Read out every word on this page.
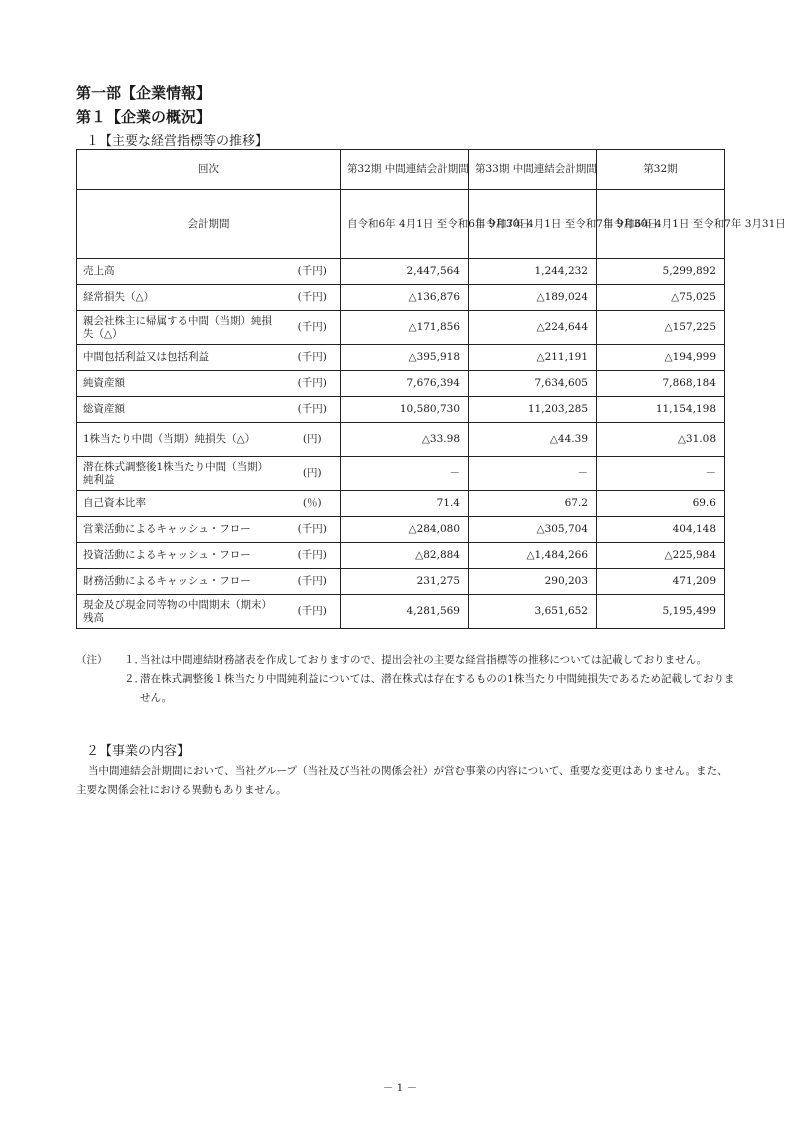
第一部【企業情報】
第１【企業の概況】
１【主要な経営指標等の推移】
回次		第32期 中間連結会計期間	第33期 中間連結会計期間	第32期
会計期間		自令和6年 4月1日 至令和6年 9月30日	自令和7年 4月1日 至令和7年 9月30日	自令和6年 4月1日 至令和7年 3月31日
売上高	(千円)	2,447,564	1,244,232	5,299,892
経常損失（△）	(千円)	△136,876	△189,024	△75,025
親会社株主に帰属する中間（当期）純損失（△）	(千円)	△171,856	△224,644	△157,225
中間包括利益又は包括利益	(千円)	△395,918	△211,191	△194,999
純資産額	(千円)	7,676,394	7,634,605	7,868,184
総資産額	(千円)	10,580,730	11,203,285	11,154,198
1株当たり中間（当期）純損失（△）	(円)	△33.98	△44.39	△31.08
潜在株式調整後1株当たり中間（当期）純利益	(円)	－	－	－
自己資本比率	(％)	71.4	67.2	69.6
営業活動によるキャッシュ・フロー	(千円)	△284,080	△305,704	404,148
投資活動によるキャッシュ・フロー	(千円)	△82,884	△1,484,266	△225,984
財務活動によるキャッシュ・フロー	(千円)	231,275	290,203	471,209
現金及び現金同等物の中間期末（期末）残高	(千円)	4,281,569	3,651,652	5,195,499
（注） １．
当社は中間連結財務諸表を作成しておりますので、提出会社の主要な経営指標等の推移については記載しておりません。
２．
潜在株式調整後１株当たり中間純利益については、潜在株式は存在するものの1株当たり中間純損失であるため記載しておりません。
２【事業の内容】
当中間連結会計期間において、当社グループ（当社及び当社の関係会社）が営む事業の内容について、重要な変更はありません。また、主要な関係会社における異動もありません。
－ 1 －
